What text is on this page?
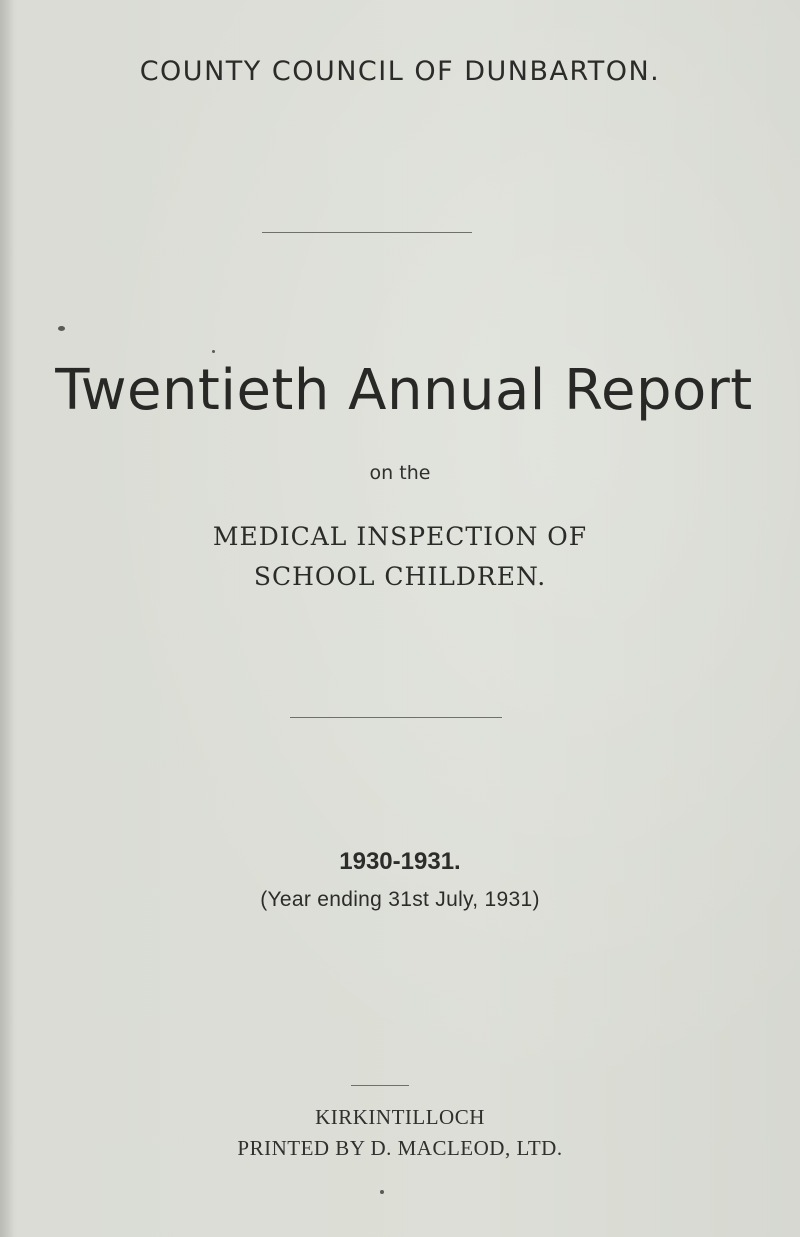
COUNTY COUNCIL OF DUNBARTON.
Twentieth Annual Report
on the
MEDICAL INSPECTION OF
SCHOOL CHILDREN.
1930-1931.
(Year ending 31st July, 1931)
KIRKINTILLOCH
PRINTED BY D. MACLEOD, LTD.
